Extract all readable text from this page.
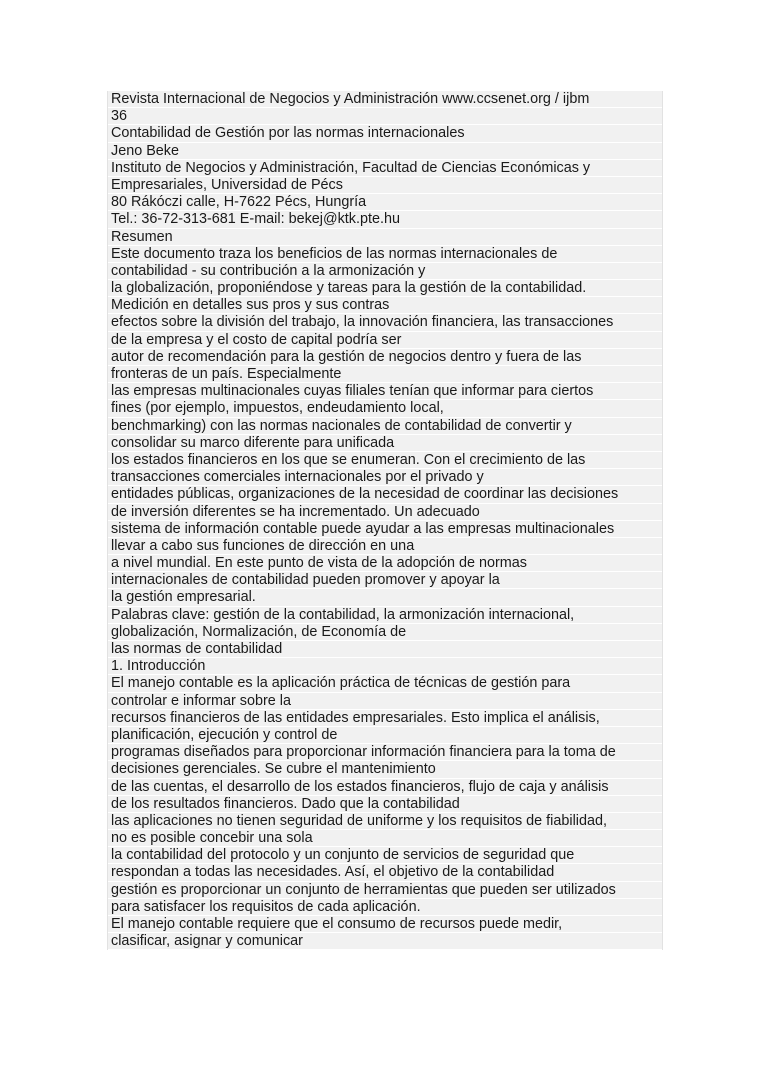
Revista Internacional de Negocios y Administración www.ccsenet.org / ijbm
36
Contabilidad de Gestión por las normas internacionales
Jeno Beke
Instituto de Negocios y Administración, Facultad de Ciencias Económicas y
Empresariales, Universidad de Pécs
80 Rákóczi calle, H-7622 Pécs, Hungría
Tel.: 36-72-313-681 E-mail: bekej@ktk.pte.hu
Resumen
Este documento traza los beneficios de las normas internacionales de
contabilidad - su contribución a la armonización y
la globalización, proponiéndose y tareas para la gestión de la contabilidad.
Medición en detalles sus pros y sus contras
efectos sobre la división del trabajo, la innovación financiera, las transacciones
de la empresa y el costo de capital podría ser
autor de recomendación para la gestión de negocios dentro y fuera de las
fronteras de un país. Especialmente
las empresas multinacionales cuyas filiales tenían que informar para ciertos
fines (por ejemplo, impuestos, endeudamiento local,
benchmarking) con las normas nacionales de contabilidad de convertir y
consolidar su marco diferente para unificada
los estados financieros en los que se enumeran. Con el crecimiento de las
transacciones comerciales internacionales por el privado y
entidades públicas, organizaciones de la necesidad de coordinar las decisiones
de inversión diferentes se ha incrementado. Un adecuado
sistema de información contable puede ayudar a las empresas multinacionales
llevar a cabo sus funciones de dirección en una
a nivel mundial. En este punto de vista de la adopción de normas
internacionales de contabilidad pueden promover y apoyar la
la gestión empresarial.
Palabras clave: gestión de la contabilidad, la armonización internacional,
globalización, Normalización, de Economía de
las normas de contabilidad
1. Introducción
El manejo contable es la aplicación práctica de técnicas de gestión para
controlar e informar sobre la
recursos financieros de las entidades empresariales. Esto implica el análisis,
planificación, ejecución y control de
programas diseñados para proporcionar información financiera para la toma de
decisiones gerenciales. Se cubre el mantenimiento
de las cuentas, el desarrollo de los estados financieros, flujo de caja y análisis
de los resultados financieros. Dado que la contabilidad
las aplicaciones no tienen seguridad de uniforme y los requisitos de fiabilidad,
no es posible concebir una sola
la contabilidad del protocolo y un conjunto de servicios de seguridad que
respondan a todas las necesidades. Así, el objetivo de la contabilidad
gestión es proporcionar un conjunto de herramientas que pueden ser utilizados
para satisfacer los requisitos de cada aplicación.
El manejo contable requiere que el consumo de recursos puede medir,
clasificar, asignar y comunicar
